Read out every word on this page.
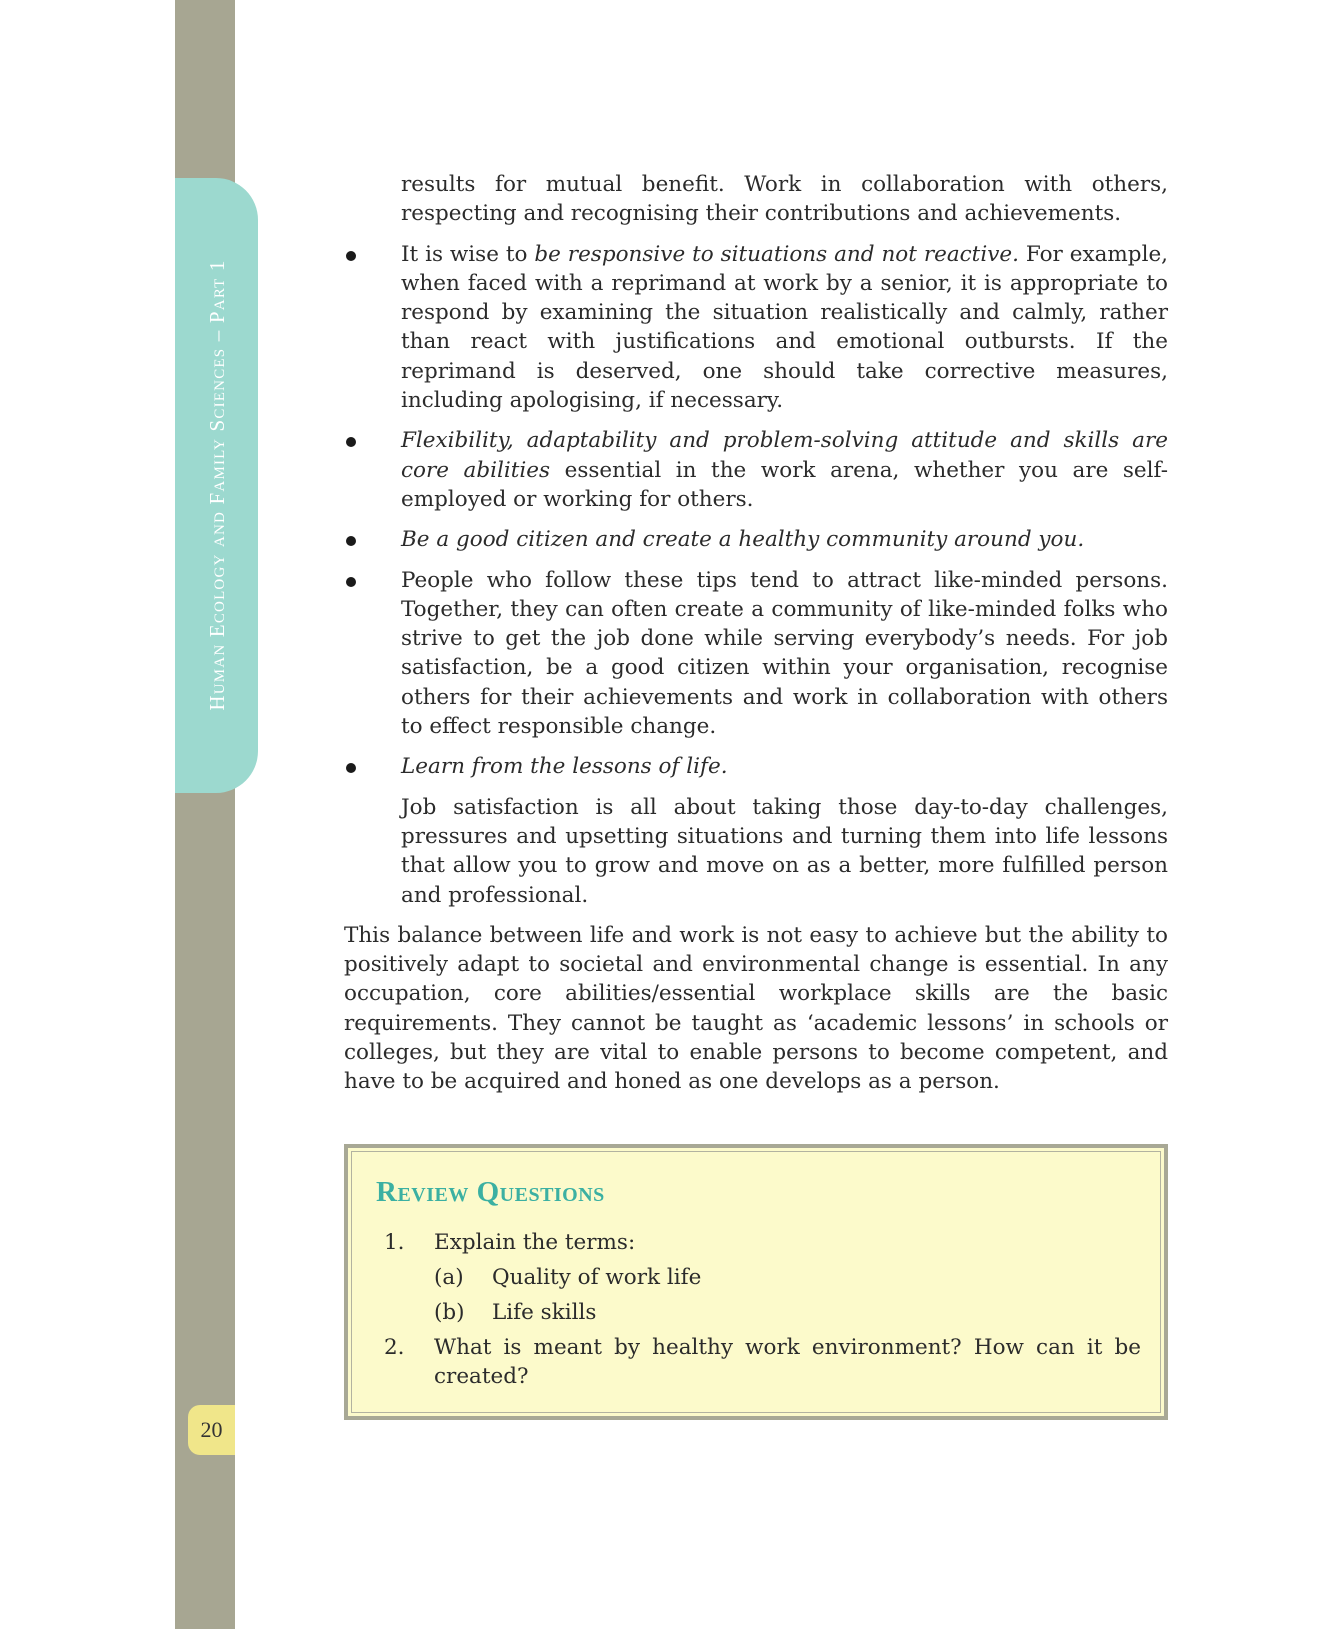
Human Ecology and Family Sciences – Part 1
20

results for mutual benefit. Work in collaboration with others, respecting and recognising their contributions and achievements.

It is wise to be responsive to situations and not reactive. For example, when faced with a reprimand at work by a senior, it is appropriate to respond by examining the situation realistically and calmly, rather than react with justifications and emotional outbursts. If the reprimand is deserved, one should take corrective measures, including apologising, if necessary.
Flexibility, adaptability and problem-solving attitude and skills are core abilities essential in the work arena, whether you are self-employed or working for others.
Be a good citizen and create a healthy community around you.
People who follow these tips tend to attract like-minded persons. Together, they can often create a community of like-minded folks who strive to get the job done while serving everybody’s needs. For job satisfaction, be a good citizen within your organisation, recognise others for their achievements and work in collaboration with others to effect responsible change.
Learn from the lessons of life.

Job satisfaction is all about taking those day-to-day challenges, pressures and upsetting situations and turning them into life lessons that allow you to grow and move on as a better, more fulfilled person and professional.

This balance between life and work is not easy to achieve but the ability to positively adapt to societal and environmental change is essential. In any occupation, core abilities/essential workplace skills are the basic requirements. They cannot be taught as ‘academic lessons’ in schools or colleges, but they are vital to enable persons to become competent, and have to be acquired and honed as one develops as a person.

Review Questions
1. Explain the terms:
(a) Quality of work life
(b) Life skills
2. What is meant by healthy work environment? How can it be created?
